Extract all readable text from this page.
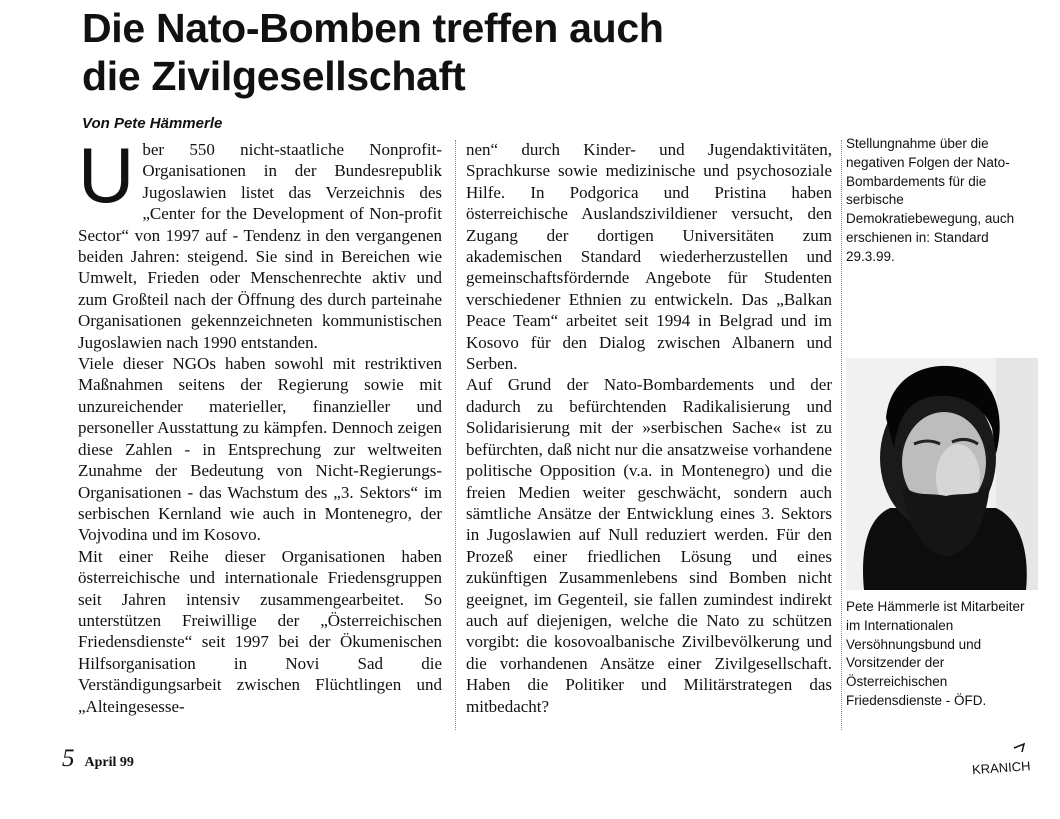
Die Nato-Bomben treffen auch
die Zivilgesellschaft

Von Pete Hämmerle

U ber 550 nicht-staatliche Nonprofit-Organisationen in der Bundesrepublik Jugoslawien listet das Verzeichnis des „Center for the Development of Non-profit Sector“ von 1997 auf - Tendenz in den vergangenen beiden Jahren: steigend. Sie sind in Bereichen wie Umwelt, Frieden oder Menschenrechte aktiv und zum Großteil nach der Öffnung des durch parteinahe Organisationen gekennzeichneten kommunistischen Jugoslawien nach 1990 entstanden.

Viele dieser NGOs haben sowohl mit restriktiven Maßnahmen seitens der Regierung sowie mit unzureichender materieller, finanzieller und personeller Ausstattung zu kämpfen. Dennoch zeigen diese Zahlen - in Entsprechung zur weltweiten Zunahme der Bedeutung von Nicht-Regierungs-Organisationen - das Wachstum des „3. Sektors“ im serbischen Kernland wie auch in Montenegro, der Vojvodina und im Kosovo.

Mit einer Reihe dieser Organisationen haben österreichische und internationale Friedensgruppen seit Jahren intensiv zusammengearbeitet. So unterstützen Freiwillige der „Österreichischen Friedensdienste“ seit 1997 bei der Ökumenischen Hilfsorganisation in Novi Sad die Verständigungsarbeit zwischen Flüchtlingen und „Alteingesesse-

nen“ durch Kinder- und Jugendaktivitäten, Sprachkurse sowie medizinische und psychosoziale Hilfe. In Podgorica und Pristina haben österreichische Auslandszivildiener versucht, den Zugang der dortigen Universitäten zum akademischen Standard wiederherzustellen und gemeinschaftsfördernde Angebote für Studenten verschiedener Ethnien zu entwickeln. Das „Balkan Peace Team“ arbeitet seit 1994 in Belgrad und im Kosovo für den Dialog zwischen Albanern und Serben.

Auf Grund der Nato-Bombardements und der dadurch zu befürchtenden Radikalisierung und Solidarisierung mit der »serbischen Sache« ist zu befürchten, daß nicht nur die ansatzweise vorhandene politische Opposition (v.a. in Montenegro) und die freien Medien weiter geschwächt, sondern auch sämtliche Ansätze der Entwicklung eines 3. Sektors in Jugoslawien auf Null reduziert werden. Für den Prozeß einer friedlichen Lösung und eines zukünftigen Zusammenlebens sind Bomben nicht geeignet, im Gegenteil, sie fallen zumindest indirekt auch auf diejenigen, welche die Nato zu schützen vorgibt: die kosovoalbanische Zivilbevölkerung und die vorhandenen Ansätze einer Zivilgesellschaft. Haben die Politiker und Militärstrategen das mitbedacht?

Stellungnahme über die negativen Folgen der Nato-Bombardements für die serbische Demokratiebewegung, auch erschienen in: Standard 29.3.99.

Pete Hämmerle ist Mitarbeiter im Internationalen Versöhnungsbund und Vorsitzender der Österreichischen Friedensdienste - ÖFD.

5 April 99	KRANICH
